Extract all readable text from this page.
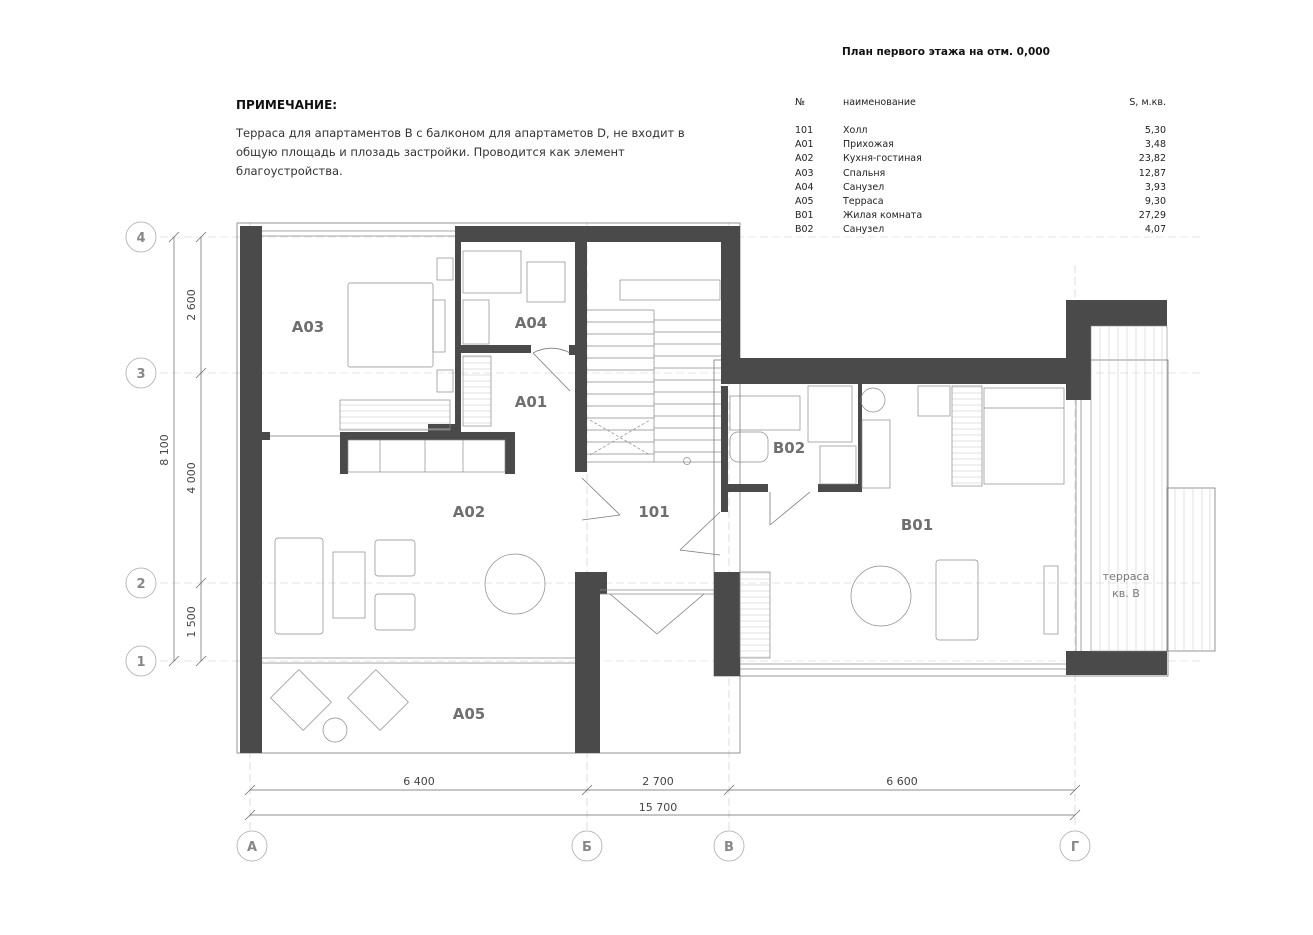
План первого этажа на отм. 0,000
ПРИМЕЧАНИЕ:
Терраса для апартаментов В с балконом для апартаметов D, не входит в общую площадь и плозадь застройки. Проводится как элемент благоустройства.
№	наименование	S, м.кв.
101	Холл	5,30
А01	Прихожая	3,48
А02	Кухня-гостиная	23,82
А03	Спальня	12,87
А04	Санузел	3,93
А05	Терраса	9,30
В01	Жилая комната	27,29
В02	Санузел	4,07
А03	А04
А01
А02	101
В02
В01
А05
терраса
кв. В
8 100
2 600
4 000
1 500
6 400	2 700	6 600
15 700
4
3
2
1
А	Б	В	Г
